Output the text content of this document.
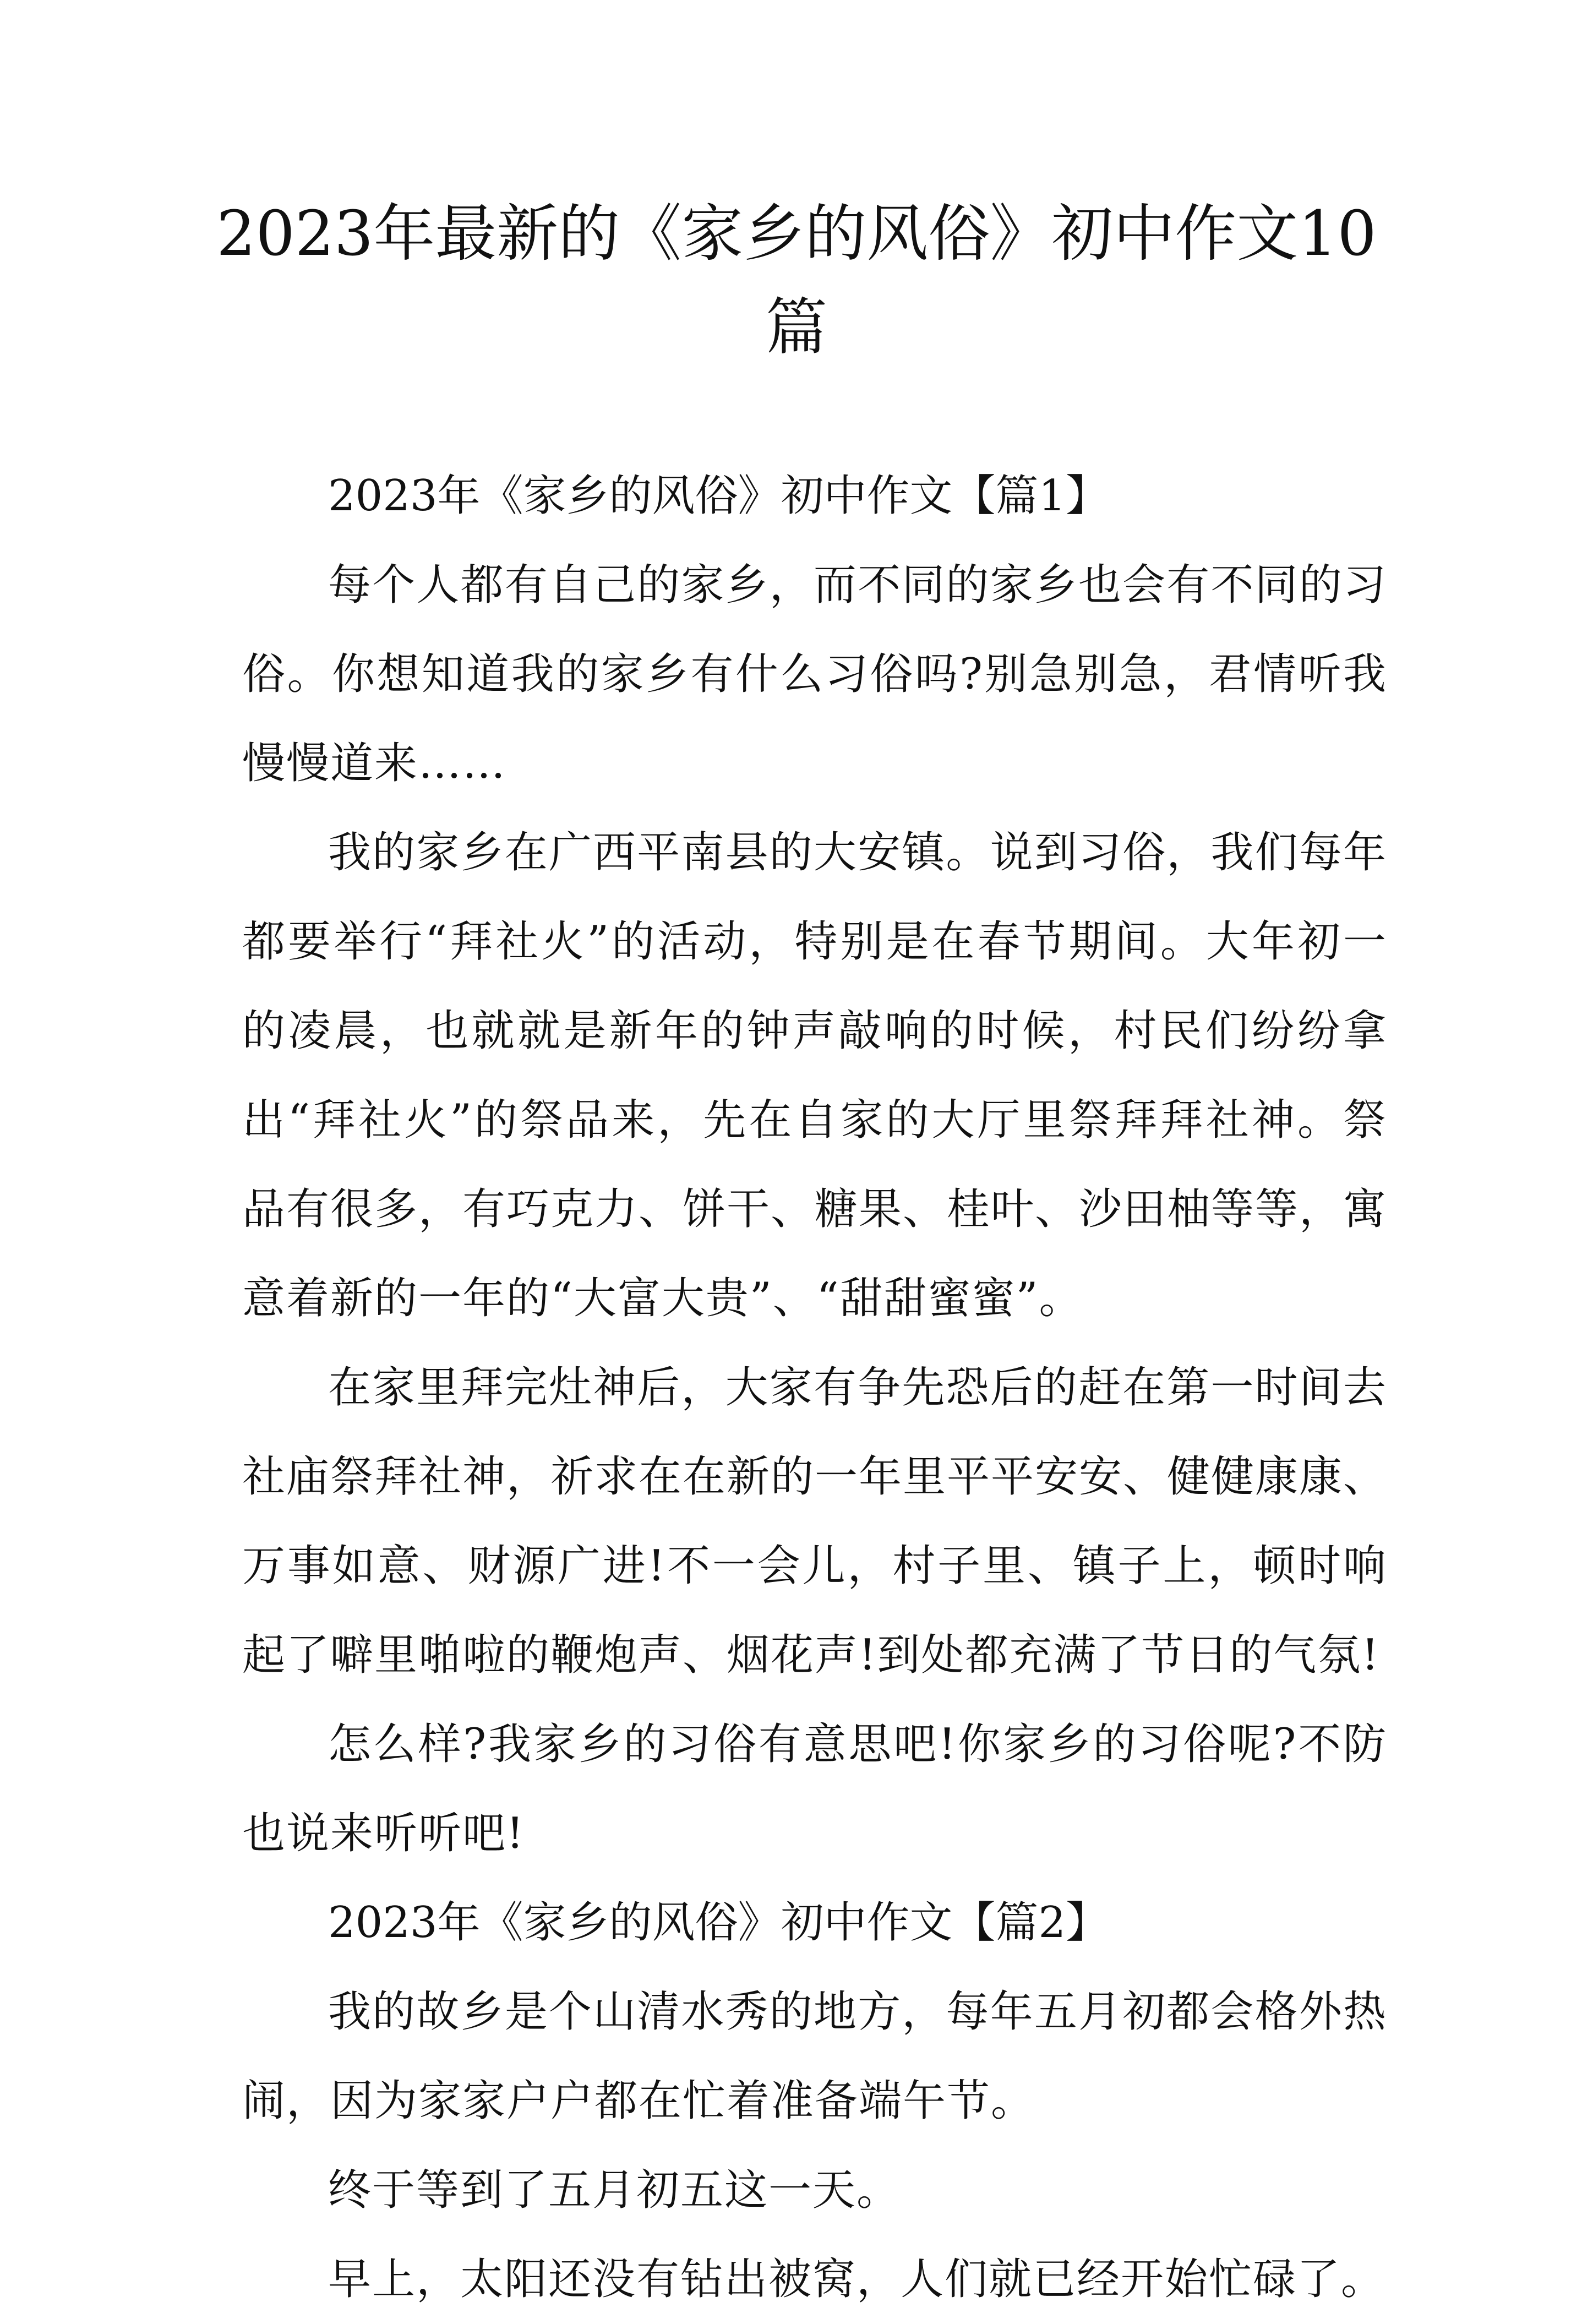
2023年最新的《家乡的风俗》初中作文10篇

2023年《家乡的风俗》初中作文【篇1】

每个人都有自己的家乡，而不同的家乡也会有不同的习俗。你想知道我的家乡有什么习俗吗?别急别急，君情听我慢慢道来……

我的家乡在广西平南县的大安镇。说到习俗，我们每年都要举行“拜社火”的活动，特别是在春节期间。大年初一的凌晨，也就就是新年的钟声敲响的时候，村民们纷纷拿出“拜社火”的祭品来，先在自家的大厅里祭拜拜社神。祭品有很多，有巧克力、饼干、糖果、桂叶、沙田柚等等，寓意着新的一年的“大富大贵”、“甜甜蜜蜜”。

在家里拜完灶神后，大家有争先恐后的赶在第一时间去社庙祭拜社神，祈求在在新的一年里平平安安、健健康康、万事如意、财源广进!不一会儿，村子里、镇子上，顿时响起了噼里啪啦的鞭炮声、烟花声!到处都充满了节日的气氛!

怎么样?我家乡的习俗有意思吧!你家乡的习俗呢?不防也说来听听吧!

2023年《家乡的风俗》初中作文【篇2】

我的故乡是个山清水秀的地方，每年五月初都会格外热闹，因为家家户户都在忙着准备端午节。

终于等到了五月初五这一天。

早上，太阳还没有钻出被窝，人们就已经开始忙碌了。
